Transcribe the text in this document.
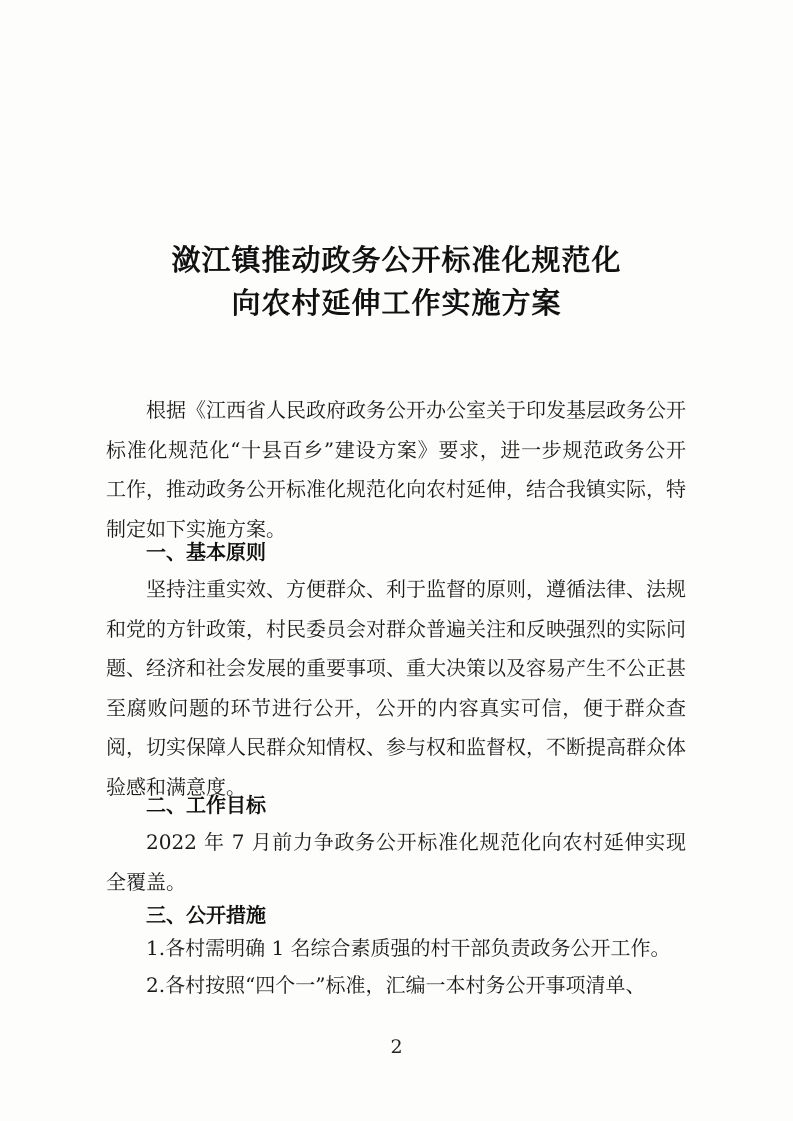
潋江镇推动政务公开标准化规范化
向农村延伸工作实施方案

根据《江西省人民政府政务公开办公室关于印发基层政务公开标准化规范化“十县百乡”建设方案》要求，进一步规范政务公开工作，推动政务公开标准化规范化向农村延伸，结合我镇实际，特制定如下实施方案。

一、基本原则

坚持注重实效、方便群众、利于监督的原则，遵循法律、法规和党的方针政策，村民委员会对群众普遍关注和反映强烈的实际问题、经济和社会发展的重要事项、重大决策以及容易产生不公正甚至腐败问题的环节进行公开，公开的内容真实可信，便于群众查阅，切实保障人民群众知情权、参与权和监督权，不断提高群众体验感和满意度。

二、工作目标

2022 年 7 月前力争政务公开标准化规范化向农村延伸实现全覆盖。

三、公开措施

1.各村需明确 1 名综合素质强的村干部负责政务公开工作。

2.各村按照“四个一”标准，汇编一本村务公开事项清单、

2
